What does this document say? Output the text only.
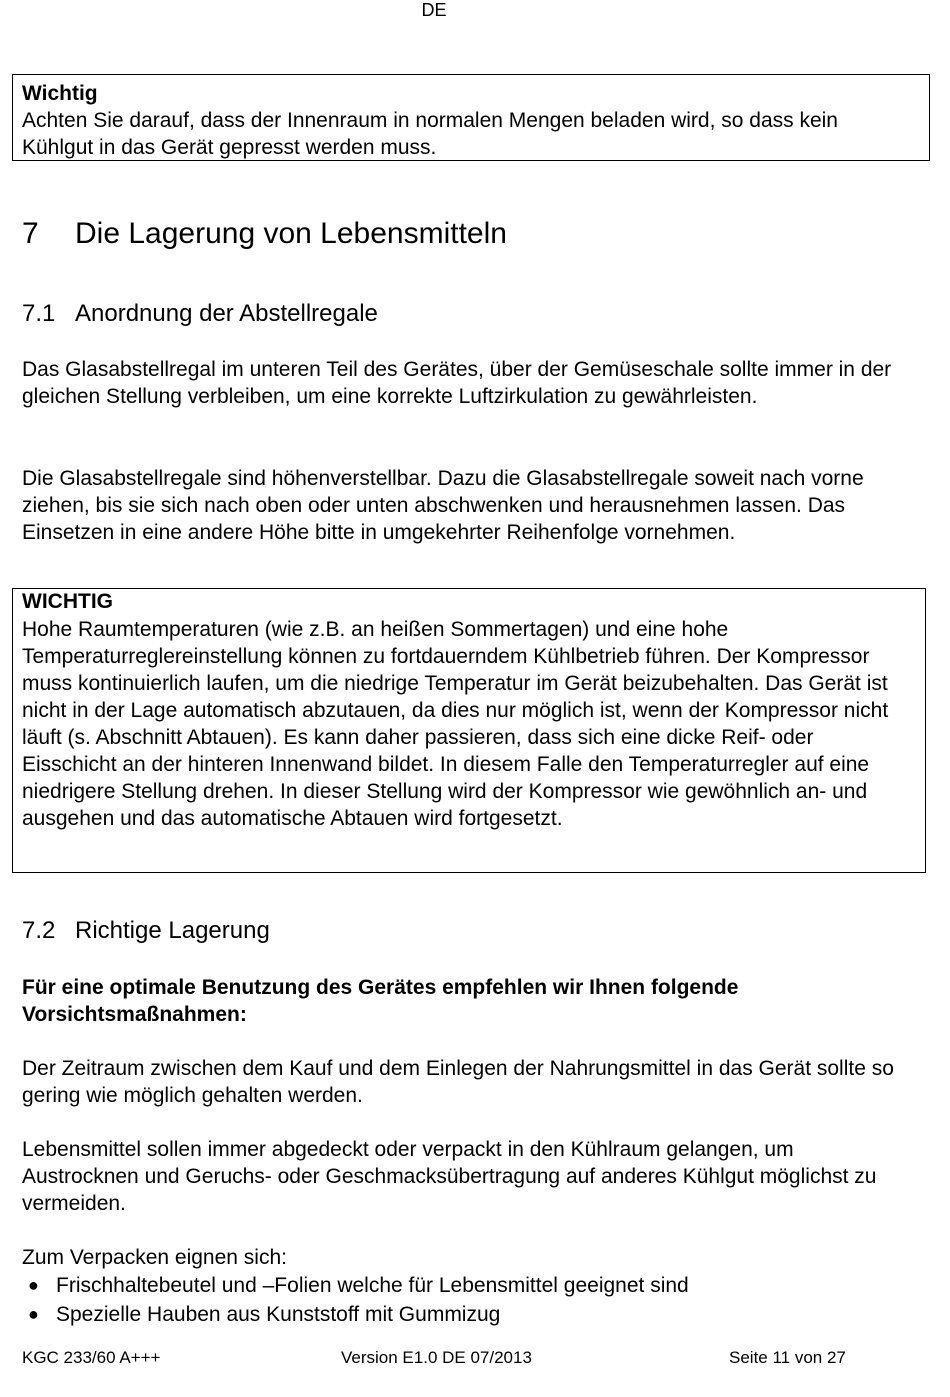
DE

Wichtig

Achten Sie darauf, dass der Innenraum in normalen Mengen beladen wird, so dass kein Kühlgut in das Gerät gepresst werden muss.

7 Die Lagerung von Lebensmitteln
7.1 Anordnung der Abstellregale

Das Glasabstellregal im unteren Teil des Gerätes, über der Gemüseschale sollte immer in der gleichen Stellung verbleiben, um eine korrekte Luftzirkulation zu gewährleisten.

Die Glasabstellregale sind höhenverstellbar. Dazu die Glasabstellregale soweit nach vorne ziehen, bis sie sich nach oben oder unten abschwenken und herausnehmen lassen. Das Einsetzen in eine andere Höhe bitte in umgekehrter Reihenfolge vornehmen.

WICHTIG

Hohe Raumtemperaturen (wie z.B. an heißen Sommertagen) und eine hohe Temperaturreglereinstellung können zu fortdauerndem Kühlbetrieb führen. Der Kompressor muss kontinuierlich laufen, um die niedrige Temperatur im Gerät beizubehalten. Das Gerät ist nicht in der Lage automatisch abzutauen, da dies nur möglich ist, wenn der Kompressor nicht läuft (s. Abschnitt Abtauen). Es kann daher passieren, dass sich eine dicke Reif- oder Eisschicht an der hinteren Innenwand bildet. In diesem Falle den Temperaturregler auf eine niedrigere Stellung drehen. In dieser Stellung wird der Kompressor wie gewöhnlich an- und ausgehen und das automatische Abtauen wird fortgesetzt.

7.2 Richtige Lagerung

Für eine optimale Benutzung des Gerätes empfehlen wir Ihnen folgende Vorsichtsmaßnahmen:

Der Zeitraum zwischen dem Kauf und dem Einlegen der Nahrungsmittel in das Gerät sollte so gering wie möglich gehalten werden.

Lebensmittel sollen immer abgedeckt oder verpackt in den Kühlraum gelangen, um Austrocknen und Geruchs- oder Geschmacksübertragung auf anderes Kühlgut möglichst zu vermeiden.

Zum Verpacken eignen sich:

● Frischhaltebeutel und –Folien welche für Lebensmittel geeignet sind
● Spezielle Hauben aus Kunststoff mit Gummizug
KGC 233/60 A+++	Version E1.0 DE 07/2013	Seite 11 von 27
